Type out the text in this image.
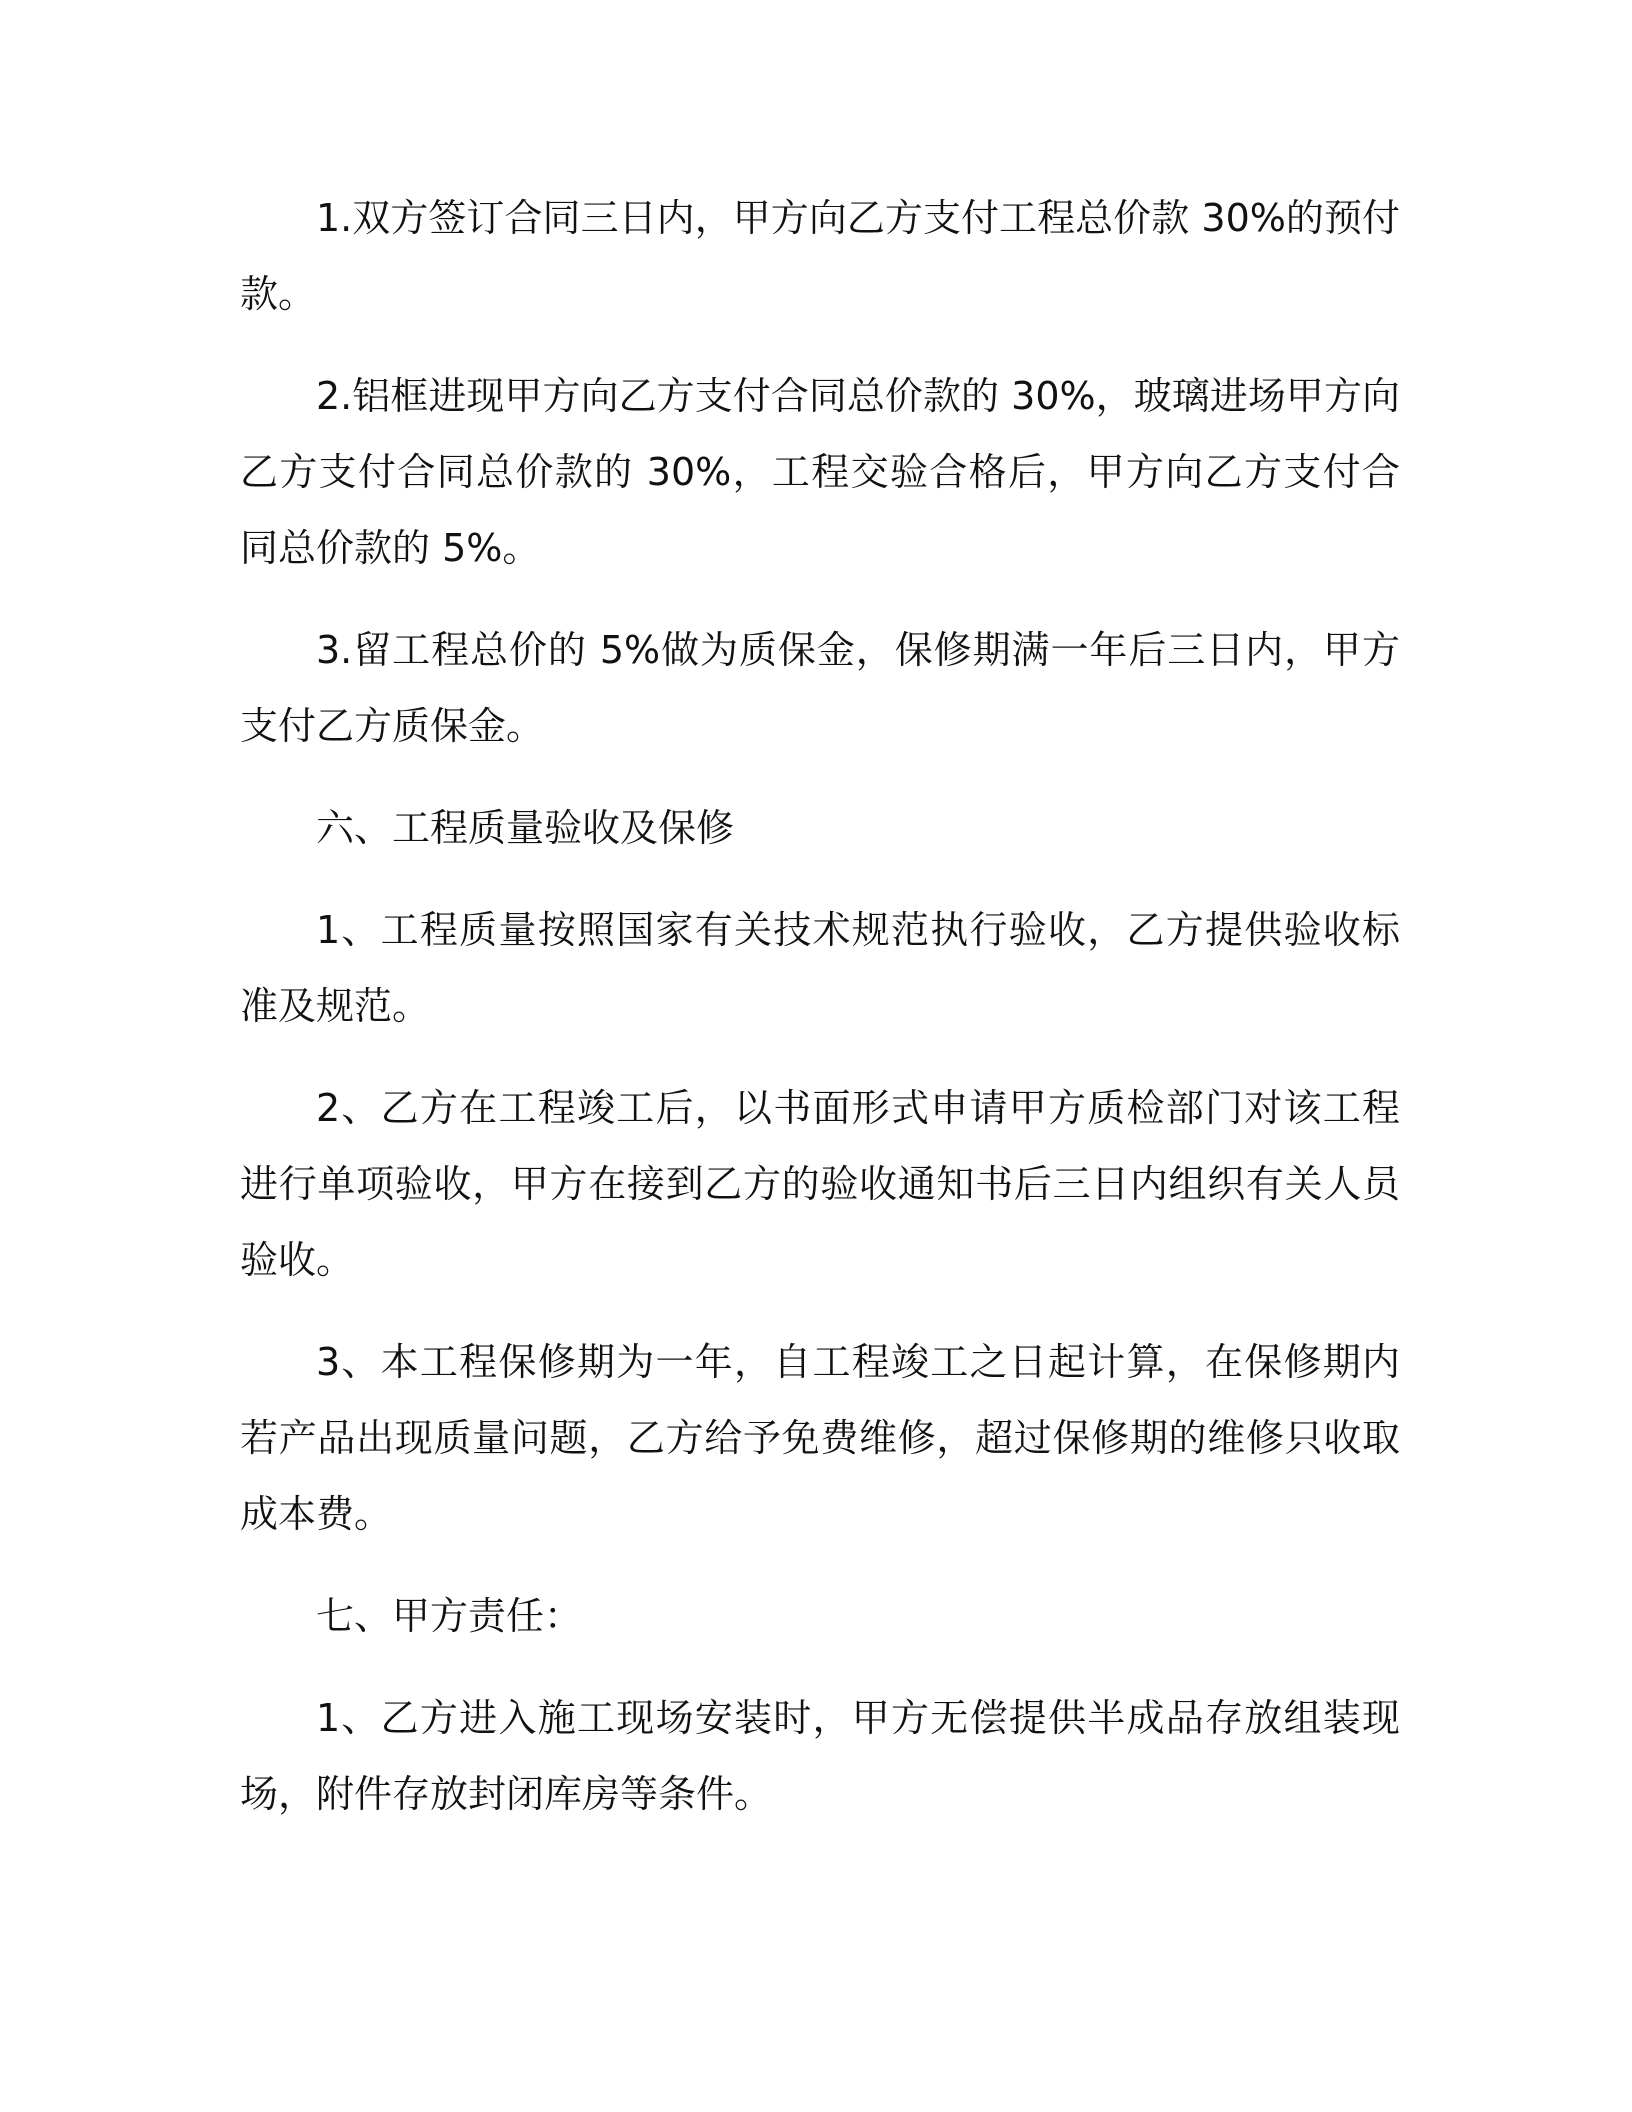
1.双方签订合同三日内，甲方向乙方支付工程总价款 30%的预付款。

2.铝框进现甲方向乙方支付合同总价款的 30%，玻璃进场甲方向乙方支付合同总价款的 30%，工程交验合格后，甲方向乙方支付合同总价款的 5%。

3.留工程总价的 5%做为质保金，保修期满一年后三日内，甲方支付乙方质保金。

六、工程质量验收及保修

1、工程质量按照国家有关技术规范执行验收，乙方提供验收标准及规范。

2、乙方在工程竣工后，以书面形式申请甲方质检部门对该工程进行单项验收，甲方在接到乙方的验收通知书后三日内组织有关人员验收。

3、本工程保修期为一年，自工程竣工之日起计算，在保修期内若产品出现质量问题，乙方给予免费维修，超过保修期的维修只收取成本费。

七、甲方责任：

1、乙方进入施工现场安装时，甲方无偿提供半成品存放组装现场，附件存放封闭库房等条件。
